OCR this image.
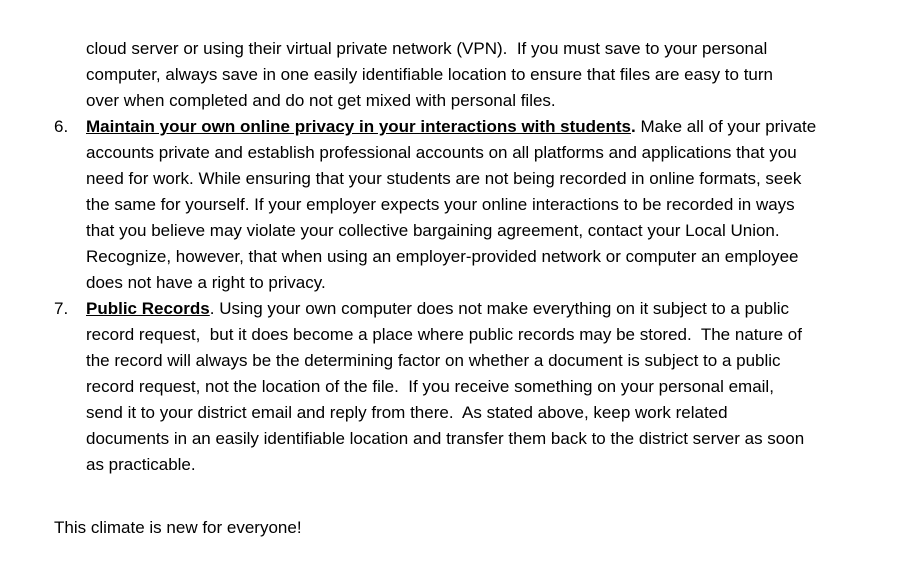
cloud server or using their virtual private network (VPN).  If you must save to your personal

computer, always save in one easily identifiable location to ensure that files are easy to turn

over when completed and do not get mixed with personal files.

6. Maintain your own online privacy in your interactions with students. Make all of your private

accounts private and establish professional accounts on all platforms and applications that you

need for work. While ensuring that your students are not being recorded in online formats, seek

the same for yourself. If your employer expects your online interactions to be recorded in ways

that you believe may violate your collective bargaining agreement, contact your Local Union.

Recognize, however, that when using an employer-provided network or computer an employee

does not have a right to privacy.

7. Public Records. Using your own computer does not make everything on it subject to a public

record request,  but it does become a place where public records may be stored.  The nature of

the record will always be the determining factor on whether a document is subject to a public

record request, not the location of the file.  If you receive something on your personal email,

send it to your district email and reply from there.  As stated above, keep work related

documents in an easily identifiable location and transfer them back to the district server as soon

as practicable.

This climate is new for everyone!
